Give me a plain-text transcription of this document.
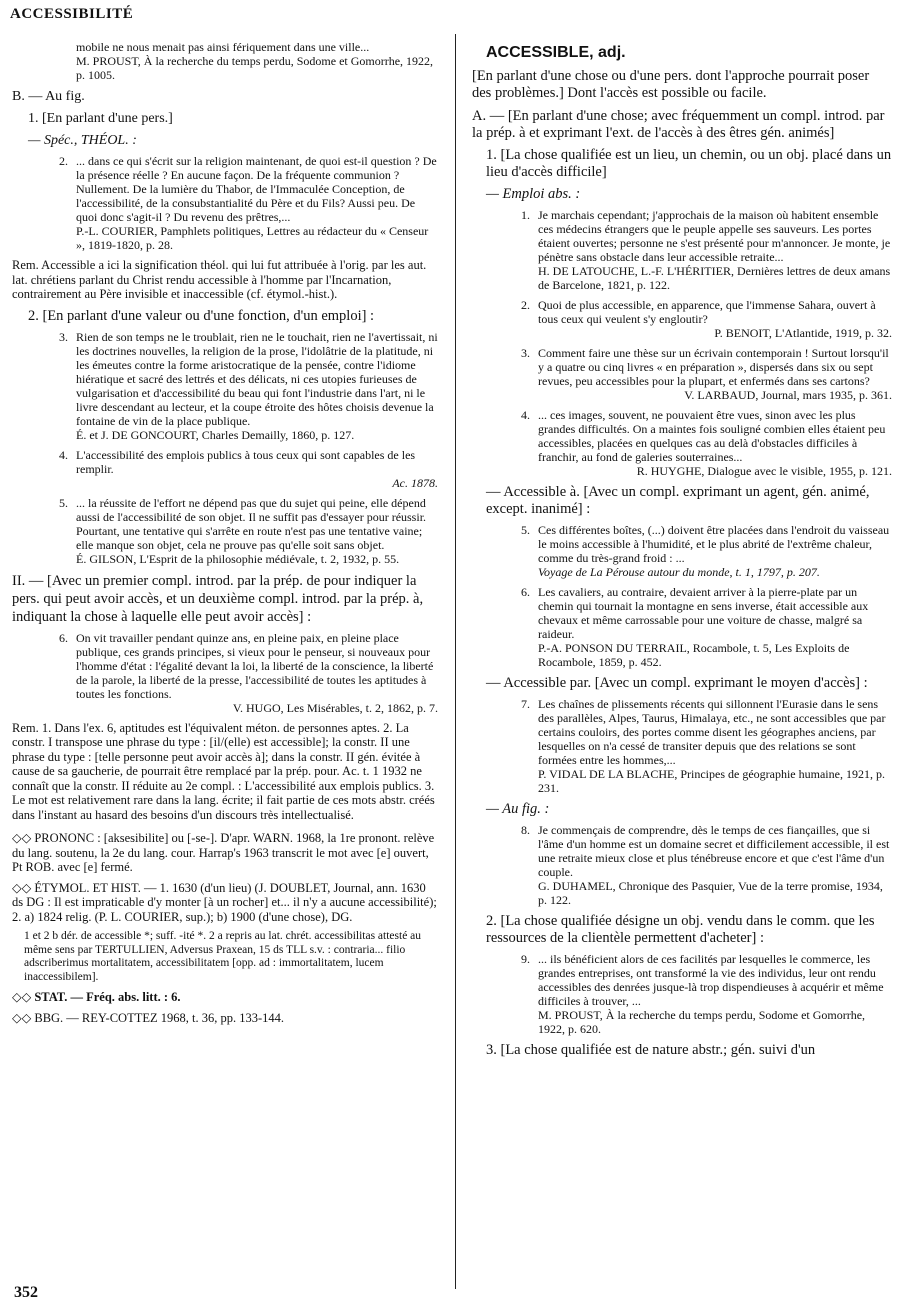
ACCESSIBILITÉ
mobile ne nous menait pas ainsi fériquement dans une ville...
M. PROUST, À la recherche du temps perdu, Sodome et Gomorrhe, 1922, p. 1005.
B. — Au fig.
1. [En parlant d'une pers.]
— Spéc., THÉOL. :
2. ... dans ce qui s'écrit sur la religion maintenant, de quoi est-il question ? De la présence réelle ? En aucune façon. De la fréquente communion ? Nullement. De la lumière du Thabor, de l'Immaculée Conception, de l'accessibilité, de la consubstantialité du Père et du Fils? Aussi peu. De quoi donc s'agit-il ? Du revenu des prêtres,...
P.-L. COURIER, Pamphlets politiques, Lettres au rédacteur du « Censeur », 1819-1820, p. 28.
Rem. Accessible a ici la signification théol. qui lui fut attribuée à l'orig. par les aut. lat. chrétiens parlant du Christ rendu accessible à l'homme par l'Incarnation, contrairement au Père invisible et inaccessible (cf. étymol.-hist.).
2. [En parlant d'une valeur ou d'une fonction, d'un emploi] :
3. Rien de son temps ne le troublait, rien ne le touchait, rien ne l'avertissait, ni les doctrines nouvelles, la religion de la prose, l'idolâtrie de la platitude, ni les émeutes contre la forme aristocratique de la pensée, contre l'idiome hiératique et sacré des lettrés et des délicats, ni ces utopies furieuses de vulgarisation et d'accessibilité du beau qui font l'industrie dans l'art, ni le livre descendant au lecteur, et la coupe étroite des hôtes choisis devenue la fontaine de vin de la place publique.
É. et J. DE GONCOURT, Charles Demailly, 1860, p. 127.
4. L'accessibilité des emplois publics à tous ceux qui sont capables de les remplir.
Ac. 1878.
5. ... la réussite de l'effort ne dépend pas que du sujet qui peine, elle dépend aussi de l'accessibilité de son objet. Il ne suffit pas d'essayer pour réussir. Pourtant, une tentative qui s'arrête en route n'est pas une tentative vaine; elle manque son objet, cela ne prouve pas qu'elle soit sans objet.
É. GILSON, L'Esprit de la philosophie médiévale, t. 2, 1932, p. 55.
II. — [Avec un premier compl. introd. par la prép. de pour indiquer la pers. qui peut avoir accès, et un deuxième compl. introd. par la prép. à, indiquant la chose à laquelle elle peut avoir accès] :
6. On vit travailler pendant quinze ans, en pleine paix, en pleine place publique, ces grands principes, si vieux pour le penseur, si nouveaux pour l'homme d'état : l'égalité devant la loi, la liberté de la conscience, la liberté de la parole, la liberté de la presse, l'accessibilité de toutes les aptitudes à toutes les fonctions.
V. HUGO, Les Misérables, t. 2, 1862, p. 7.
Rem. 1. Dans l'ex. 6, aptitudes est l'équivalent méton. de personnes aptes. 2. La constr. I transpose une phrase du type : [il/(elle) est accessible]; la constr. II une phrase du type : [telle personne peut avoir accès à]; dans la constr. II gén. évitée à cause de sa gaucherie, de pourrait être remplacé par la prép. pour. Ac. t. 1 1932 ne connaît que la constr. II réduite au 2e compl. : L'accessibilité aux emplois publics. 3. Le mot est relativement rare dans la lang. écrite; il fait partie de ces mots abstr. créés dans l'instant au hasard des besoins d'un discours très intellectualisé.
◇◇ PRONONC : [aksesibilite] ou [-se-]. D'apr. WARN. 1968, la 1re pronont. relève du lang. soutenu, la 2e du lang. cour. Harrap's 1963 transcrit le mot avec [e] ouvert, Pt ROB. avec [e] fermé.
◇◇ ÉTYMOL. ET HIST. — 1. 1630 (d'un lieu) (J. DOUBLET, Journal, ann. 1630 ds DG : Il est impraticable d'y monter [à un rocher] et... il n'y a aucune accessibilité); 2. a) 1824 relig. (P. L. COURIER, sup.); b) 1900 (d'une chose), DG.
1 et 2 b dér. de accessible *; suff. -ité *. 2 a repris au lat. chrét. accessibilitas attesté au même sens par TERTULLIEN, Adversus Praxean, 15 ds TLL s.v. : contraria... filio adscriberimus mortalitatem, accessibilitatem [opp. ad : immortalitatem, lucem inaccessibilem].
◇◇ STAT. — Fréq. abs. litt. : 6.
◇◇ BBG. — REY-COTTEZ 1968, t. 36, pp. 133-144.
ACCESSIBLE, adj.
[En parlant d'une chose ou d'une pers. dont l'approche pourrait poser des problèmes.] Dont l'accès est possible ou facile.
A. — [En parlant d'une chose; avec fréquemment un compl. introd. par la prép. à et exprimant l'ext. de l'accès à des êtres gén. animés]
1. [La chose qualifiée est un lieu, un chemin, ou un obj. placé dans un lieu d'accès difficile]
— Emploi abs. :
1. Je marchais cependant; j'approchais de la maison où habitent ensemble ces médecins étrangers que le peuple appelle ses sauveurs. Les portes étaient ouvertes; personne ne s'est présenté pour m'annoncer. Je monte, je pénètre sans obstacle dans leur accessible retraite...
H. DE LATOUCHE, L.-F. L'HÉRITIER, Dernières lettres de deux amans de Barcelone, 1821, p. 122.
2. Quoi de plus accessible, en apparence, que l'immense Sahara, ouvert à tous ceux qui veulent s'y engloutir?
P. BENOIT, L'Atlantide, 1919, p. 32.
3. Comment faire une thèse sur un écrivain contemporain ! Surtout lorsqu'il y a quatre ou cinq livres « en préparation », dispersés dans six ou sept revues, peu accessibles pour la plupart, et enfermés dans ses cartons?
V. LARBAUD, Journal, mars 1935, p. 361.
4. ... ces images, souvent, ne pouvaient être vues, sinon avec les plus grandes difficultés. On a maintes fois souligné combien elles étaient peu accessibles, placées en quelques cas au delà d'obstacles difficiles à franchir, au fond de galeries souterraines...
R. HUYGHE, Dialogue avec le visible, 1955, p. 121.
— Accessible à. [Avec un compl. exprimant un agent, gén. animé, except. inanimé] :
5. Ces différentes boîtes, (...) doivent être placées dans l'endroit du vaisseau le moins accessible à l'humidité, et le plus abrité de l'extrême chaleur, comme du très-grand froid : ...
Voyage de La Pérouse autour du monde, t. 1, 1797, p. 207.
6. Les cavaliers, au contraire, devaient arriver à la pierre-plate par un chemin qui tournait la montagne en sens inverse, était accessible aux chevaux et même carrossable pour une voiture de chasse, malgré sa raideur.
P.-A. PONSON DU TERRAIL, Rocambole, t. 5, Les Exploits de Rocambole, 1859, p. 452.
— Accessible par. [Avec un compl. exprimant le moyen d'accès] :
7. Les chaînes de plissements récents qui sillonnent l'Eurasie dans le sens des parallèles, Alpes, Taurus, Himalaya, etc., ne sont accessibles que par certains couloirs, des portes comme disent les géographes anciens, par lesquelles on n'a cessé de transiter depuis que des relations se sont formées entre les hommes,...
P. VIDAL DE LA BLACHE, Principes de géographie humaine, 1921, p. 231.
— Au fig. :
8. Je commençais de comprendre, dès le temps de ces fiançailles, que si l'âme d'un homme est un domaine secret et difficilement accessible, il est une retraite mieux close et plus ténébreuse encore et que c'est l'âme d'un couple.
G. DUHAMEL, Chronique des Pasquier, Vue de la terre promise, 1934, p. 122.
2. [La chose qualifiée désigne un obj. vendu dans le comm. que les ressources de la clientèle permettent d'acheter] :
9. ... ils bénéficient alors de ces facilités par lesquelles le commerce, les grandes entreprises, ont transformé la vie des individus, leur ont rendu accessibles des denrées jusque-là trop dispendieuses à acquérir et même difficiles à trouver, ...
M. PROUST, À la recherche du temps perdu, Sodome et Gomorrhe, 1922, p. 620.
3. [La chose qualifiée est de nature abstr.; gén. suivi d'un
352
